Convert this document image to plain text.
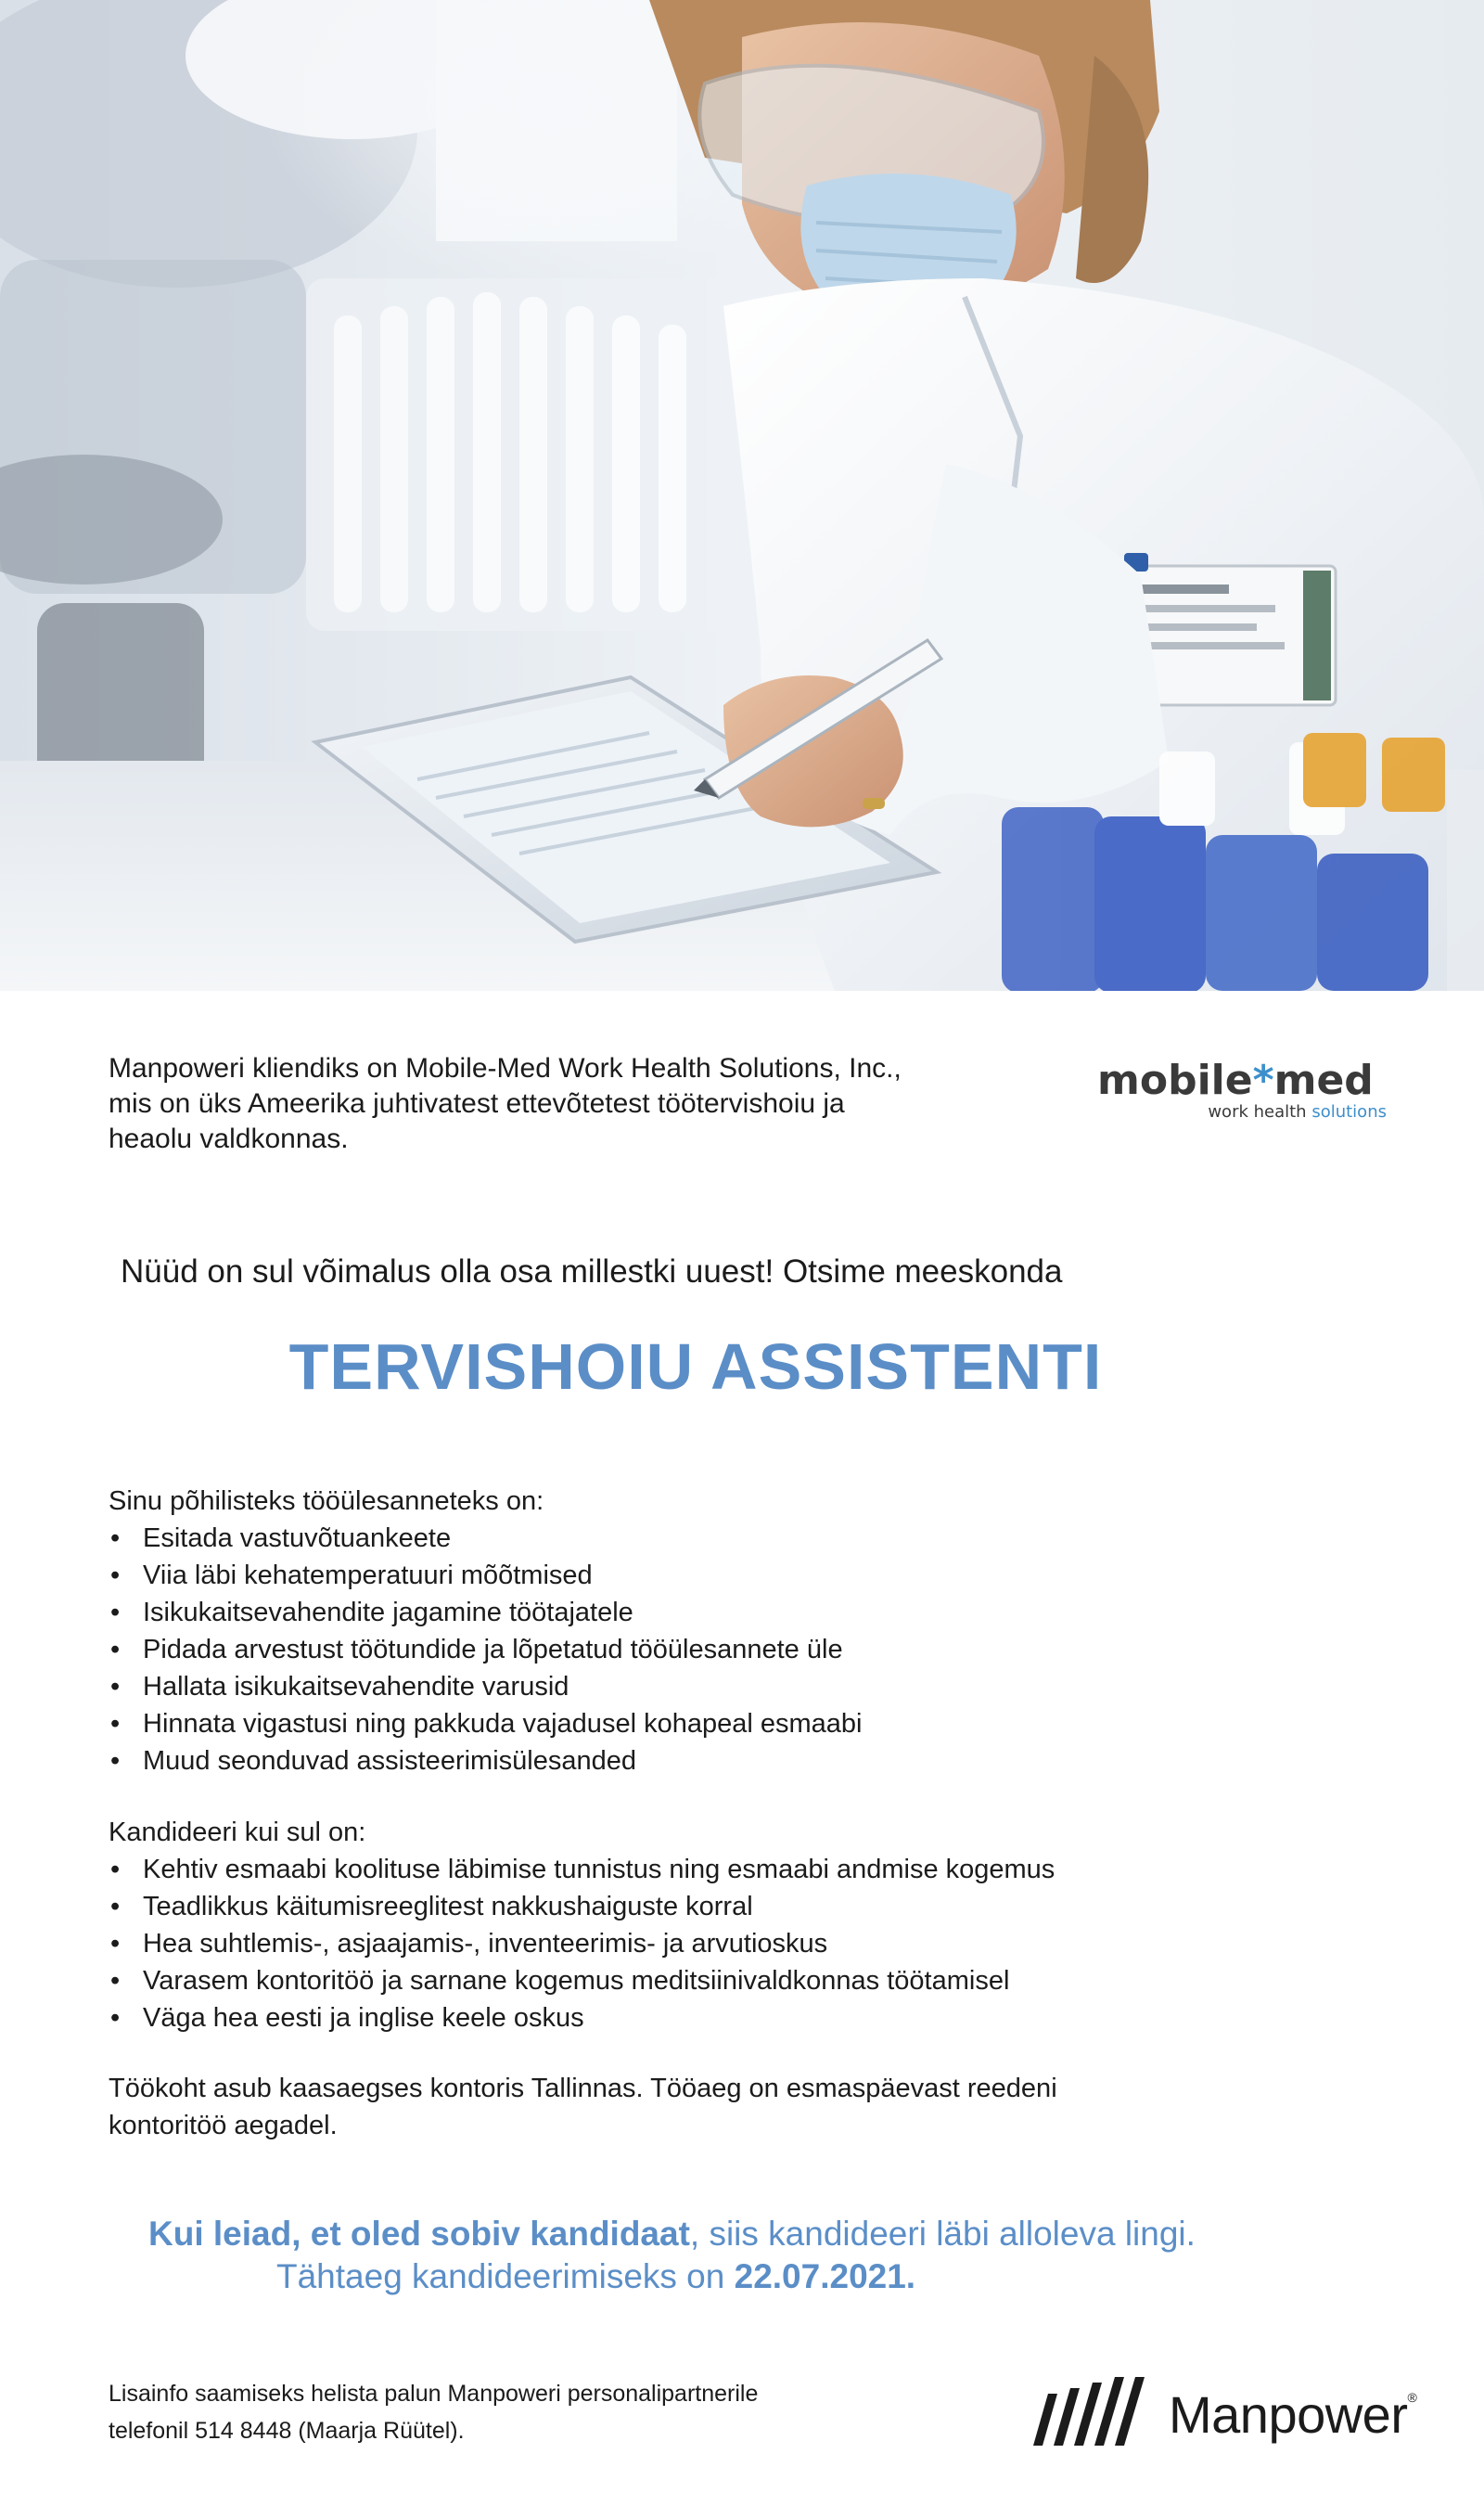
Manpoweri kliendiks on Mobile-Med Work Health Solutions, Inc.,
mis on üks Ameerika juhtivatest ettevõtetest töötervishoiu ja
heaolu valdkonnas.
mobile*med
work health solutions
Nüüd on sul võimalus olla osa millestki uuest! Otsime meeskonda
TERVISHOIU ASSISTENTI

Sinu põhilisteks tööülesanneteks on:

• Esitada vastuvõtuankeete
• Viia läbi kehatemperatuuri mõõtmised
• Isikukaitsevahendite jagamine töötajatele
• Pidada arvestust töötundide ja lõpetatud tööülesannete üle
• Hallata isikukaitsevahendite varusid
• Hinnata vigastusi ning pakkuda vajadusel kohapeal esmaabi
• Muud seonduvad assisteerimisülesanded

Kandideeri kui sul on:

• Kehtiv esmaabi koolituse läbimise tunnistus ning esmaabi andmise kogemus
• Teadlikkus käitumisreeglitest nakkushaiguste korral
• Hea suhtlemis-, asjaajamis-, inventeerimis- ja arvutioskus
• Varasem kontoritöö ja sarnane kogemus meditsiinivaldkonnas töötamisel
• Väga hea eesti ja inglise keele oskus
Töökoht asub kaasaegses kontoris Tallinnas. Tööaeg on esmaspäevast reedeni
kontoritöö aegadel.
Kui leiad, et oled sobiv kandidaat, siis kandideeri läbi alloleva lingi.
Tähtaeg kandideerimiseks on 22.07.2021.
Lisainfo saamiseks helista palun Manpoweri personalipartnerile
telefonil 514 8448 (Maarja Rüütel).	Manpower®
